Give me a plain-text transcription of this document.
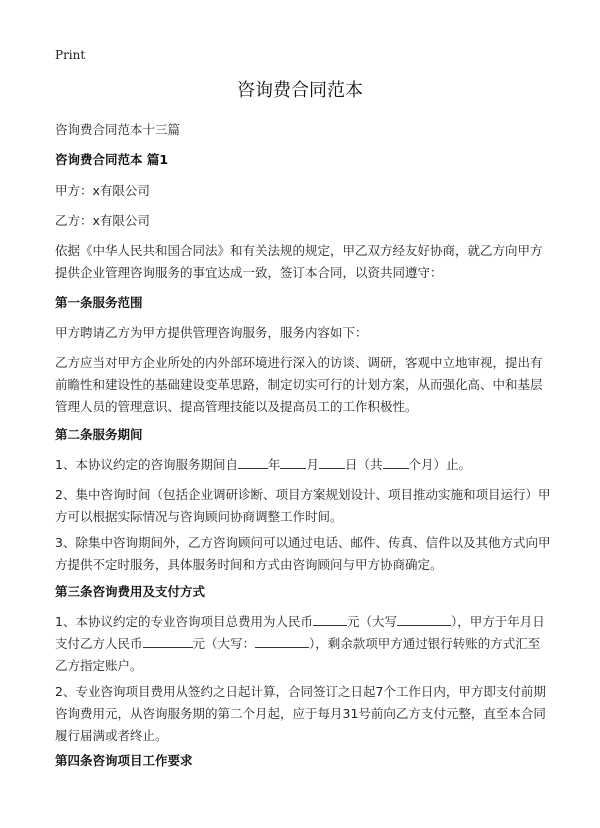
Print
咨询费合同范本

咨询费合同范本十三篇

咨询费合同范本 篇1

甲方：x有限公司

乙方：x有限公司

依据《中华人民共和国合同法》和有关法规的规定，甲乙双方经友好协商，就乙方向甲方提供企业管理咨询服务的事宜达成一致，签订本合同，以资共同遵守：

第一条服务范围

甲方聘请乙方为甲方提供管理咨询服务，服务内容如下：

乙方应当对甲方企业所处的内外部环境进行深入的访谈、调研，客观中立地审视，提出有前瞻性和建设性的基础建设变革思路，制定切实可行的计划方案，从而强化高、中和基层管理人员的管理意识、提高管理技能以及提高员工的工作积极性。

第二条服务期间

1、本协议约定的咨询服务期间自 年 月 日（共 个月）止。

2、集中咨询时间（包括企业调研诊断、项目方案规划设计、项目推动实施和项目运行）甲方可以根据实际情况与咨询顾问协商调整工作时间。

3、除集中咨询期间外，乙方咨询顾问可以通过电话、邮件、传真、信件以及其他方式向甲方提供不定时服务，具体服务时间和方式由咨询顾问与甲方协商确定。

第三条咨询费用及支付方式

1、本协议约定的专业咨询项目总费用为人民币	元（大写	），甲方于年月日支付乙方人民币	元（大写：	），剩余款项甲方通过银行转账的方式汇至乙方指定账户。

2、专业咨询项目费用从签约之日起计算，合同签订之日起7个工作日内，甲方即支付前期咨询费用元，从咨询服务期的第二个月起，应于每月31号前向乙方支付元整，直至本合同履行届满或者终止。

第四条咨询项目工作要求
